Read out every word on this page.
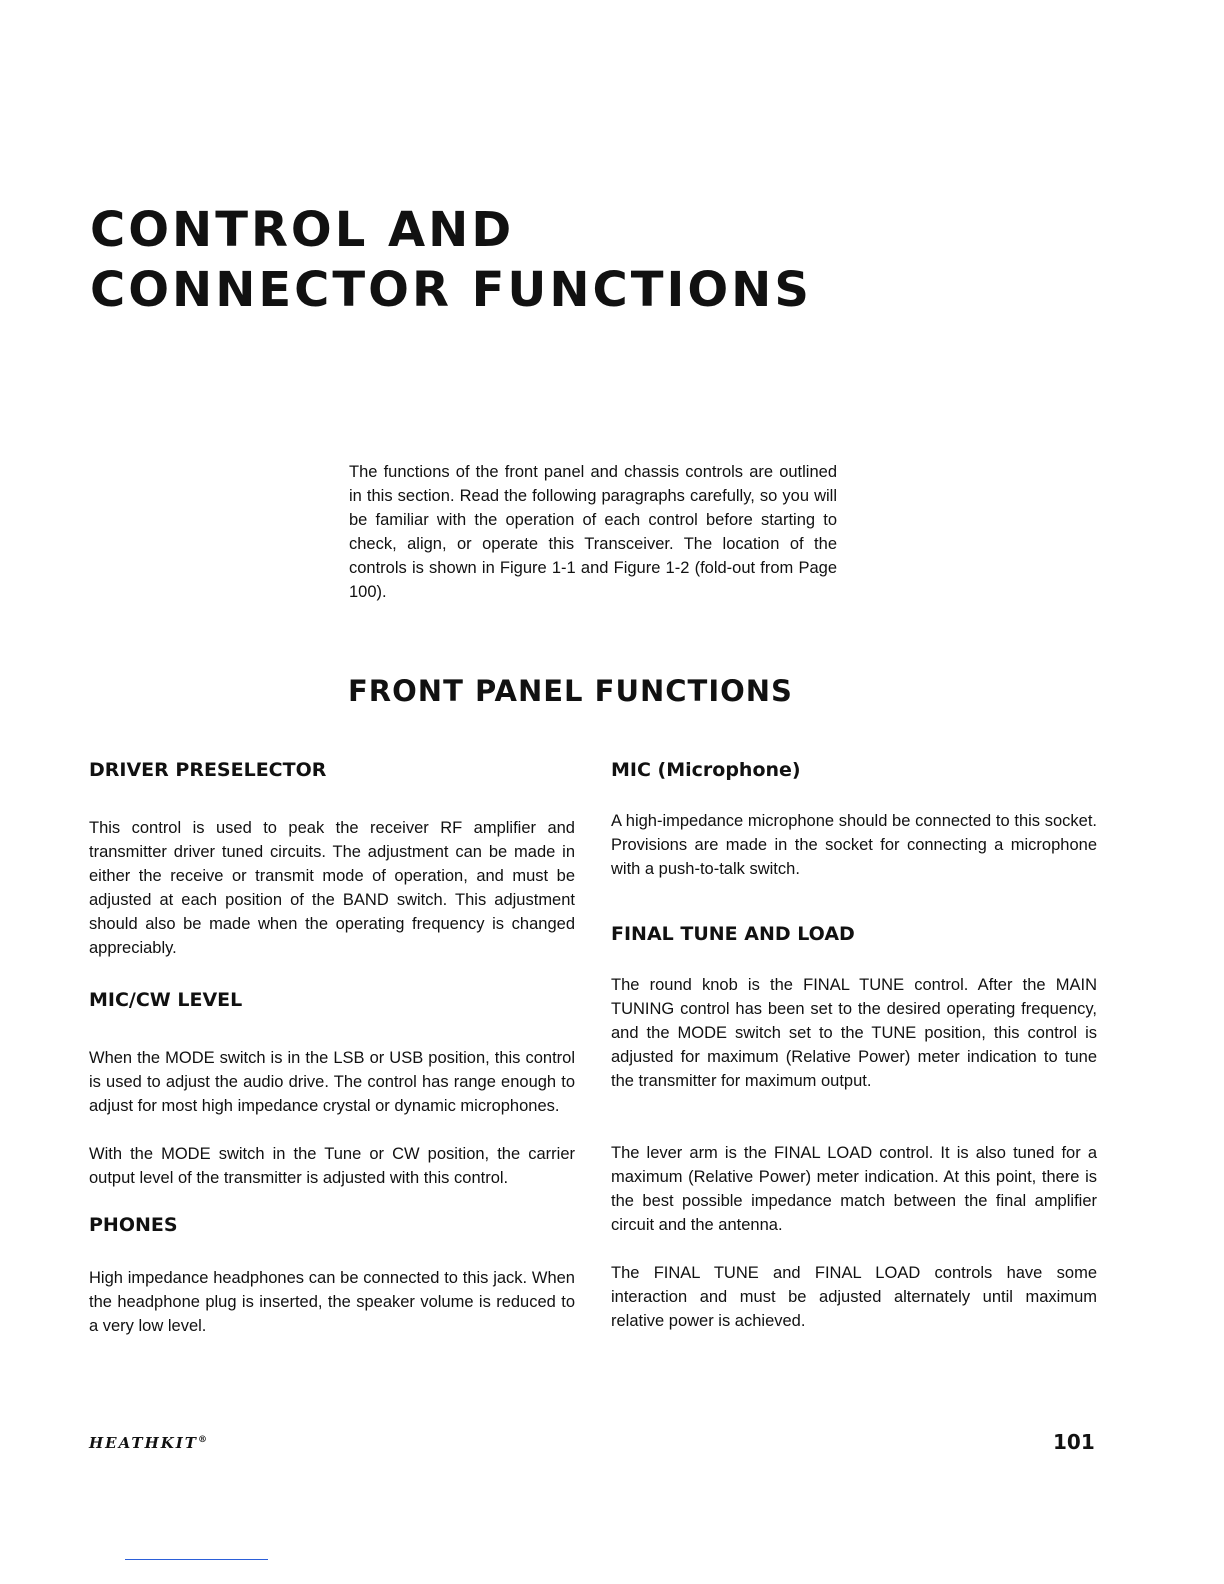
CONTROL AND
CONNECTOR FUNCTIONS

The functions of the front panel and chassis controls are outlined in this section. Read the following paragraphs carefully, so you will be familiar with the operation of each control before starting to check, align, or operate this Transceiver. The location of the controls is shown in Figure 1-1 and Figure 1-2 (fold-out from Page 100).

FRONT PANEL FUNCTIONS
DRIVER PRESELECTOR

This control is used to peak the receiver RF amplifier and transmitter driver tuned circuits. The adjustment can be made in either the receive or transmit mode of operation, and must be adjusted at each position of the BAND switch. This adjustment should also be made when the operating frequency is changed appreciably.

MIC/CW LEVEL

When the MODE switch is in the LSB or USB position, this control is used to adjust the audio drive. The control has range enough to adjust for most high impedance crystal or dynamic microphones.

With the MODE switch in the Tune or CW position, the carrier output level of the transmitter is adjusted with this control.

PHONES

High impedance headphones can be connected to this jack. When the headphone plug is inserted, the speaker volume is reduced to a very low level.

MIC (Microphone)

A high-impedance microphone should be connected to this socket. Provisions are made in the socket for connecting a microphone with a push-to-talk switch.

FINAL TUNE AND LOAD

The round knob is the FINAL TUNE control. After the MAIN TUNING control has been set to the desired operating frequency, and the MODE switch set to the TUNE position, this control is adjusted for maximum (Relative Power) meter indication to tune the transmitter for maximum output.

The lever arm is the FINAL LOAD control. It is also tuned for a maximum (Relative Power) meter indication. At this point, there is the best possible impedance match between the final amplifier circuit and the antenna.

The FINAL TUNE and FINAL LOAD controls have some interaction and must be adjusted alternately until maximum relative power is achieved.

HEATHKIT®	101
